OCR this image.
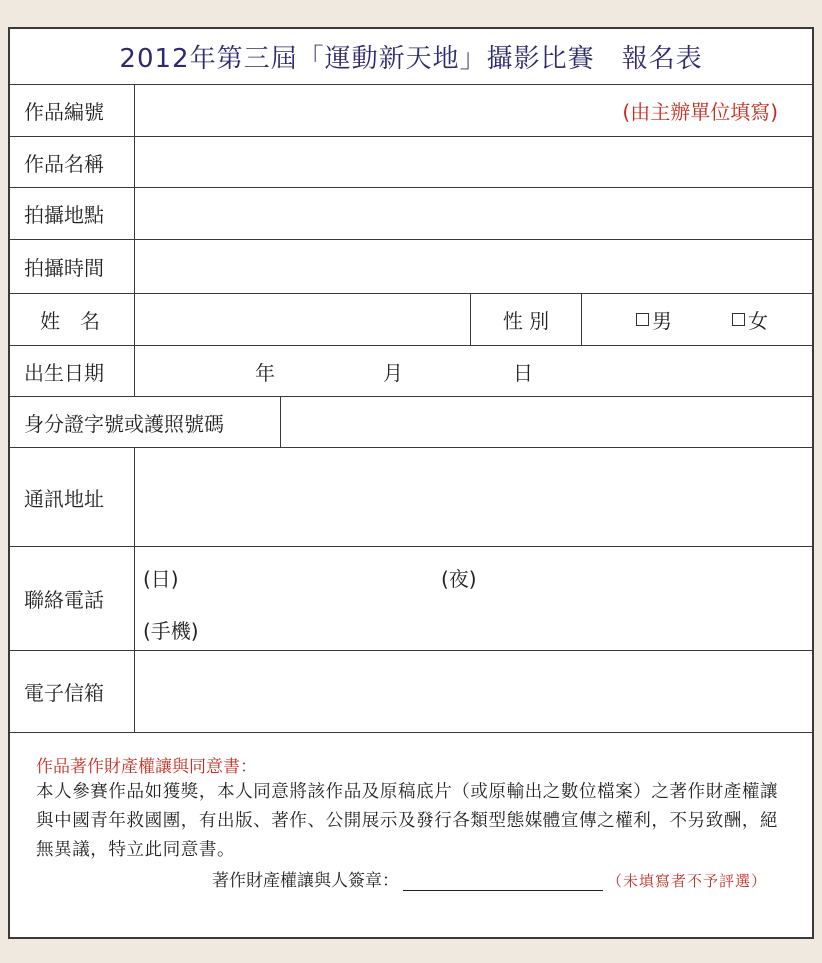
2012年第三屆「運動新天地」攝影比賽　報名表
作品編號	(由主辦單位填寫)
作品名稱
拍攝地點
拍攝時間
姓　名	性 別	男	女
出生日期	年	月	日
身分證字號或護照號碼
通訊地址
聯絡電話
(日)	(夜)
(手機)
電子信箱
作品著作財產權讓與同意書：
本人參賽作品如獲獎，本人同意將該作品及原稿底片（或原輸出之數位檔案）之著作財產權讓與中國青年救國團，有出版、著作、公開展示及發行各類型態媒體宣傳之權利，不另致酬，絕無異議，特立此同意書。
著作財產權讓與人簽章：	（未填寫者不予評選）
